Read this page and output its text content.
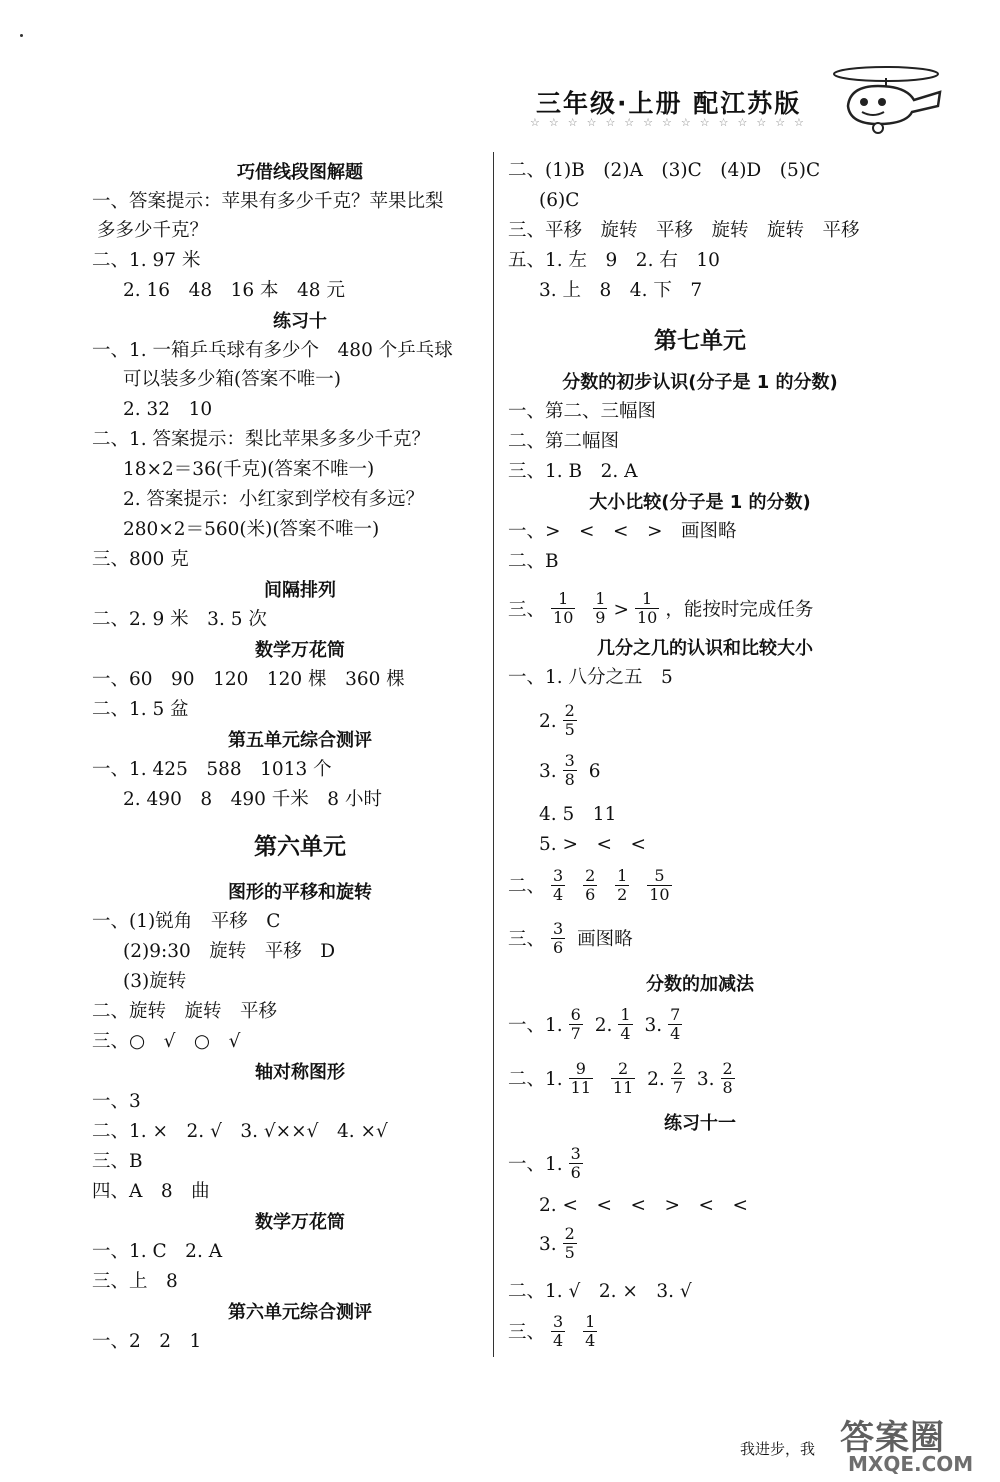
三年级·上册 配江苏版
☆☆☆☆☆☆☆☆☆☆☆☆☆☆☆
巧借线段图解题
一、答案提示：苹果有多少千克？苹果比梨
多多少千克？
二、1. 97 米
2. 16　48　16 本　48 元
练习十
一、1. 一箱乒乓球有多少个　480 个乒乓球
可以装多少箱(答案不唯一)
2. 32　10
二、1. 答案提示：梨比苹果多多少千克？
18×2＝36(千克)(答案不唯一)
2. 答案提示：小红家到学校有多远？
280×2＝560(米)(答案不唯一)
三、800 克
间隔排列
二、2. 9 米　3. 5 次
数学万花筒
一、60　90　120　120 棵　360 棵
二、1. 5 盆
第五单元综合测评
一、1. 425　588　1013 个
2. 490　8　490 千米　8 小时
第六单元
图形的平移和旋转
一、(1)锐角　平移　C
(2)9:30　旋转　平移　D
(3)旋转
二、旋转　旋转　平移
三、○　√　○　√
轴对称图形
一、3
二、1. ×　2. √　3. √××√　4. ×√
三、B
四、A　8　曲
数学万花筒
一、1. C　2. A
三、上　8
第六单元综合测评
一、2　2　1
二、(1)B　(2)A　(3)C　(4)D　(5)C
(6)C
三、平移　旋转　平移　旋转　旋转　平移
五、1. 左　9　2. 右　10
3. 上　8　4. 下　7
第七单元
分数的初步认识(分子是 1 的分数)
一、第二、三幅图
二、第二幅图
三、1. B　2. A
大小比较(分子是 1 的分数)
一、>　<　<　>　画图略
二、B
三、 $\frac{1}{10}$
$\frac{1}{9} > \frac{1}{10}$ ，能按时完成任务
几分之几的认识和比较大小
一、1. 八分之五　5
2. $\frac{2}{5}$
3. $\frac{3}{8} 6$
4. 5　11
5. >　<　<
二、 $\frac{3}{4}$
$\frac{2}{6}$
$\frac{1}{2}$
$\frac{5}{10}$
三、 $\frac{3}{6}$ 画图略
分数的加减法
一、1. $\frac{6}{7} 2$. $\frac{1}{4} 3$. $\frac{7}{4}$
二、1. $\frac{9}{11}$
$\frac{2}{11} 2$. $\frac{2}{7} 3$. $\frac{2}{8}$
练习十一
一、1. $\frac{3}{6}$
2. <　<　<　>　<　<
3. $\frac{2}{5}$
二、1. √　2. ×　3. √
三、 $\frac{3}{4}$
$\frac{1}{4}$
我进步，我 答案圈
MXQE.COM
